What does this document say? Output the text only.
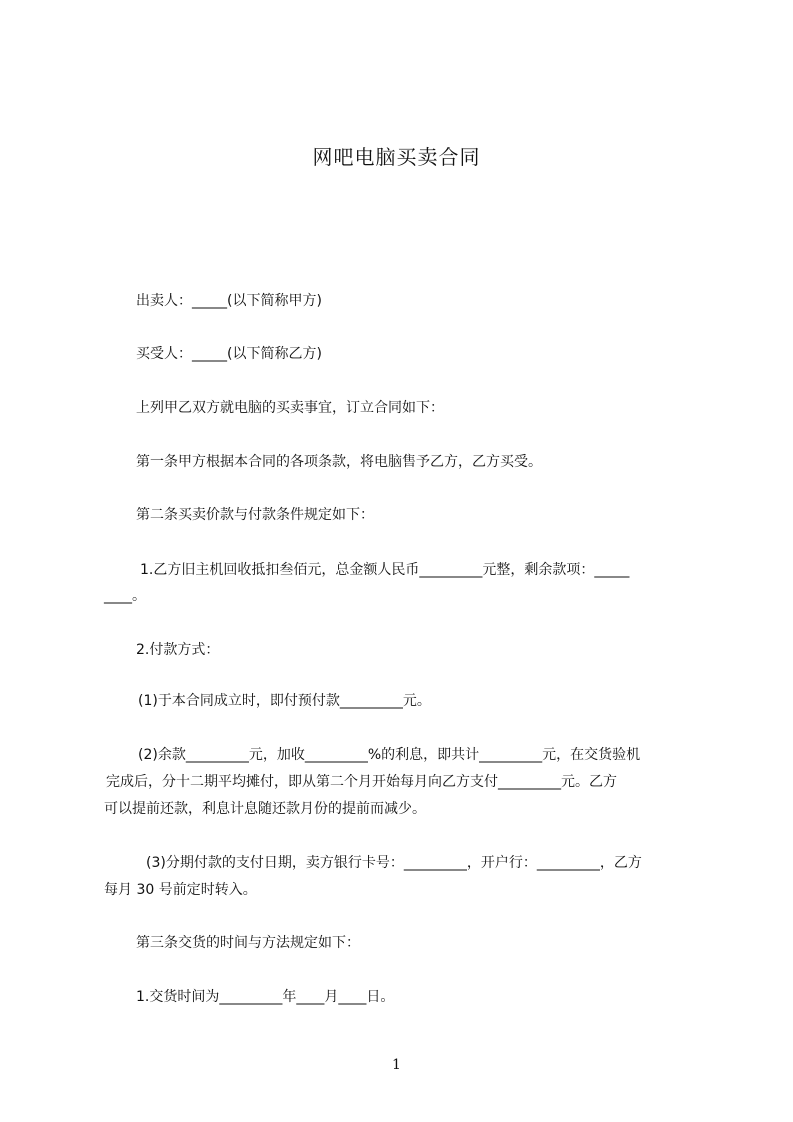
网吧电脑买卖合同
出卖人：_____(以下简称甲方)
买受人：_____(以下简称乙方)
上列甲乙双方就电脑的买卖事宜，订立合同如下：
第一条甲方根据本合同的各项条款，将电脑售予乙方，乙方买受。
第二条买卖价款与付款条件规定如下：
1.乙方旧主机回收抵扣叁佰元，总金额人民币_________元整，剩余款项：_____
____。
2.付款方式：
(1)于本合同成立时，即付预付款_________元。
(2)余款_________元，加收_________%的利息，即共计_________元，在交货验机
完成后，分十二期平均摊付，即从第二个月开始每月向乙方支付_________元。乙方
可以提前还款，利息计息随还款月份的提前而减少。
(3)分期付款的支付日期，卖方银行卡号：_________，开户行：_________，乙方
每月 30 号前定时转入。
第三条交货的时间与方法规定如下：
1.交货时间为_________年____月____日。
1
